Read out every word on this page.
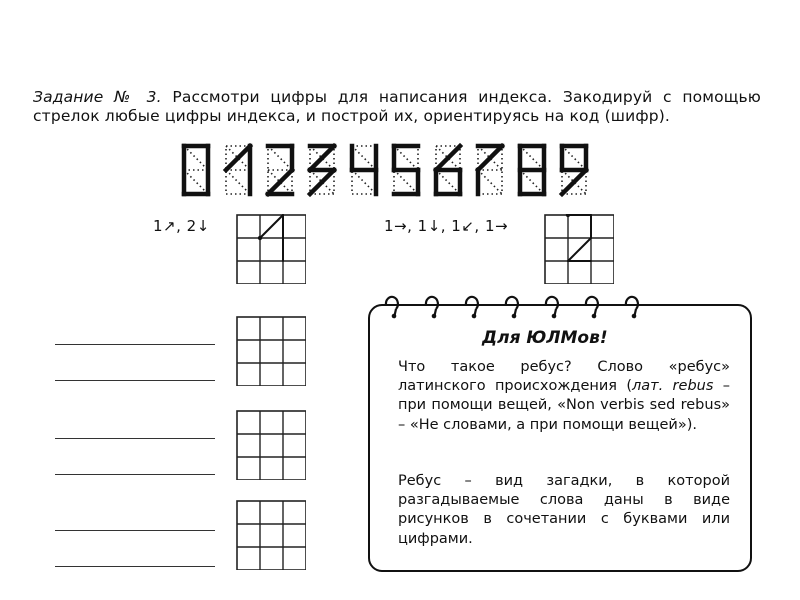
Задание № 3. Рассмотри цифры для написания индекса. Закодируй с помощью стрелок любые цифры индекса, и построй их, ориентируясь на код (шифр).
1↗, 2↓	1→, 1↓, 1↙, 1→
Для ЮЛМов!
Что такое ребус? Слово «ребус» латинского происхождения (лат. rebus – при помощи вещей, «Non verbis sed rebus» – «Не словами, а при помощи вещей»).
Ребус – вид загадки, в которой разгадываемые слова даны в виде рисунков в сочетании с буквами или цифрами.
